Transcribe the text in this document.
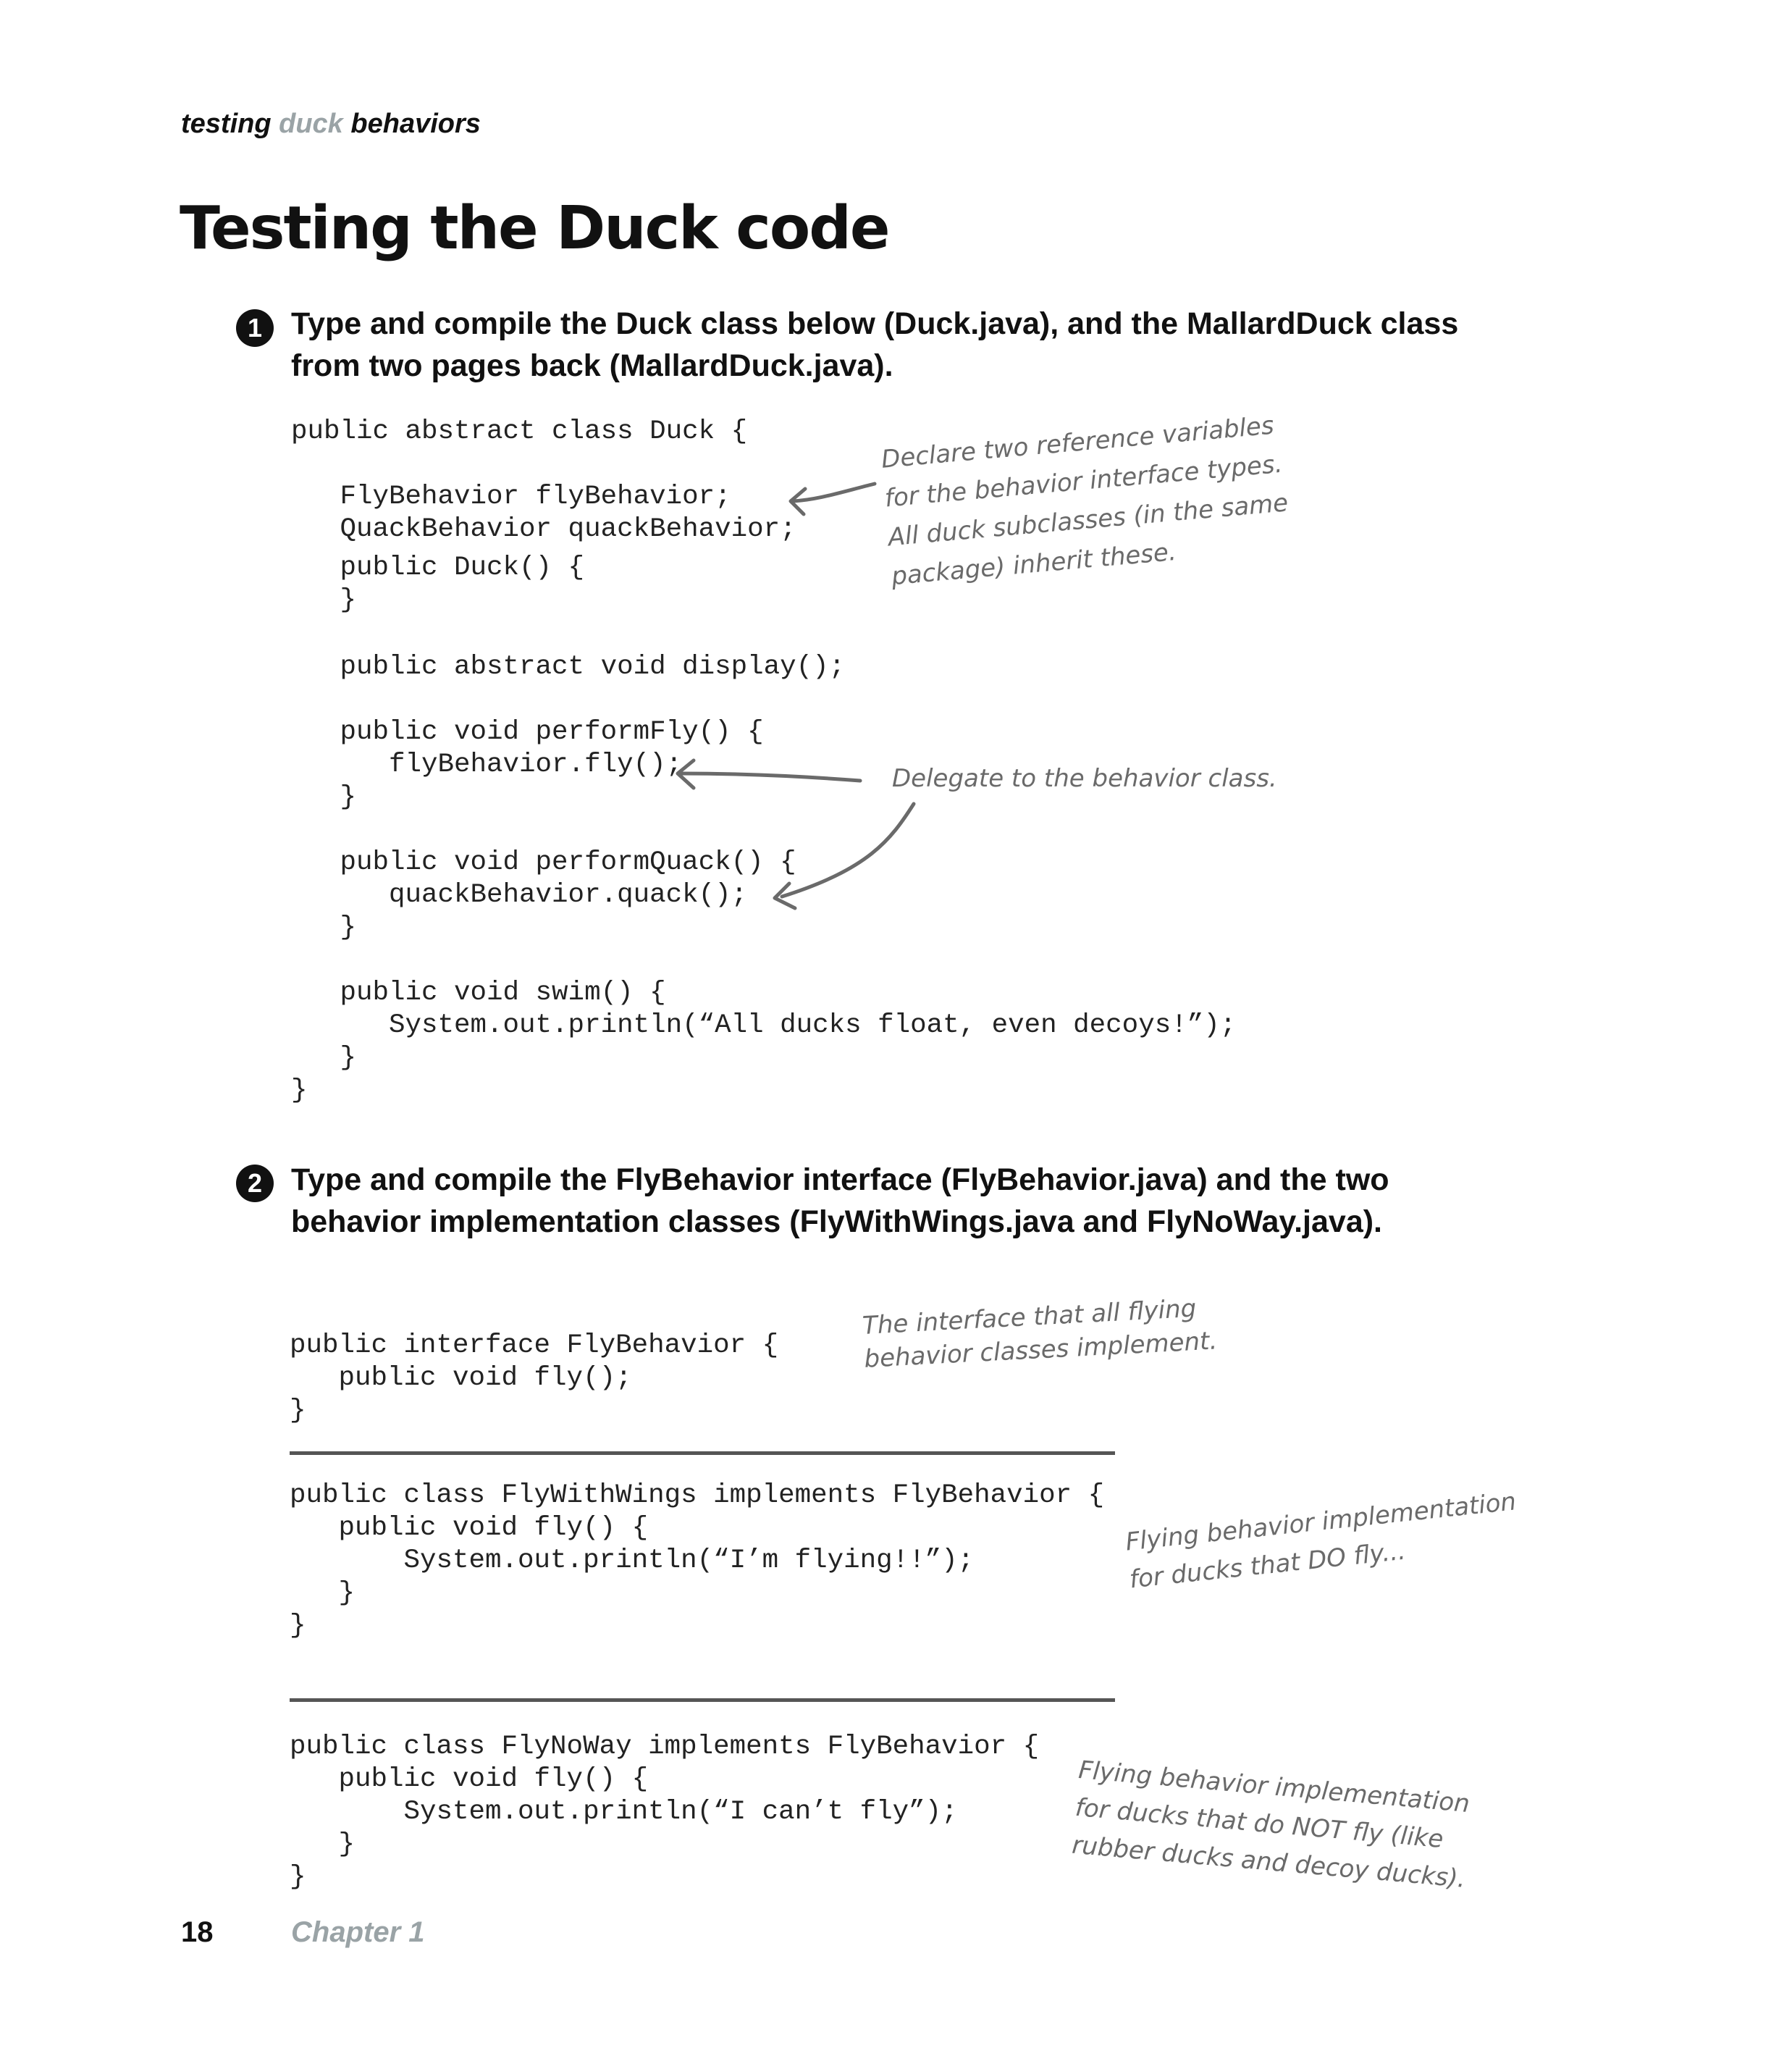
testing duck behaviors
Testing the Duck code
1 Type and compile the Duck class below (Duck.java), and the MallardDuck class from two pages back (MallardDuck.java).
public abstract class Duck {
FlyBehavior flyBehavior;
QuackBehavior quackBehavior;
public Duck() {
}
public abstract void display();

public void performFly() {
flyBehavior.fly();
}

public void performQuack() {
quackBehavior.quack();
}

public void swim() {
System.out.println(“All ducks float, even decoys!”);
}
}
Declare two reference variables
for the behavior interface types.
All duck subclasses (in the same
package) inherit these.
Delegate to the behavior class.
2 Type and compile the FlyBehavior interface (FlyBehavior.java) and the two behavior implementation classes (FlyWithWings.java and FlyNoWay.java).
public interface FlyBehavior {
public void fly();
}
The interface that all flying
behavior classes implement.
public class FlyWithWings implements FlyBehavior {
public void fly() {
System.out.println(“I’m flying!!”);
}
}
Flying behavior implementation
for ducks that DO fly...
public class FlyNoWay implements FlyBehavior {
public void fly() {
System.out.println(“I can’t fly”);
}
}
Flying behavior implementation
for ducks that do NOT fly (like
rubber ducks and decoy ducks).
18	Chapter 1
